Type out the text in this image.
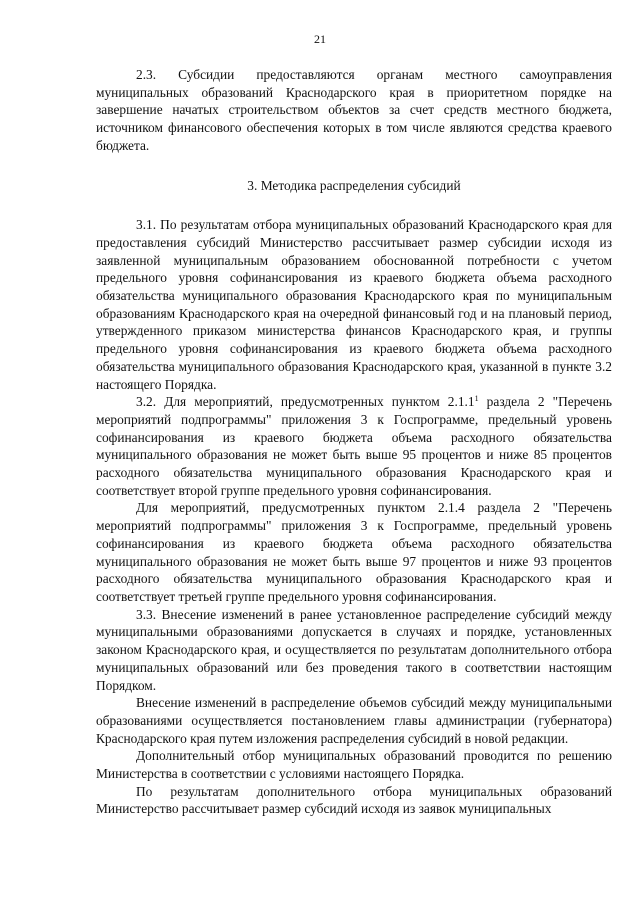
21

2.3. Субсидии предоставляются органам местного самоуправления муниципальных образований Краснодарского края в приоритетном порядке на завершение начатых строительством объектов за счет средств местного бюджета, источником финансового обеспечения которых в том числе являются средства краевого бюджета.

3. Методика распределения субсидий

3.1. По результатам отбора муниципальных образований Краснодарского края для предоставления субсидий Министерство рассчитывает размер субсидии исходя из заявленной муниципальным образованием обоснованной потребности с учетом предельного уровня софинансирования из краевого бюджета объема расходного обязательства муниципального образования Краснодарского края по муниципальным образованиям Краснодарского края на очередной финансовый год и на плановый период, утвержденного приказом министерства финансов Краснодарского края, и группы предельного уровня софинансирования из краевого бюджета объема расходного обязательства муниципального образования Краснодарского края, указанной в пункте 3.2 настоящего Порядка.

3.2. Для мероприятий, предусмотренных пунктом 2.1.1$^1$ раздела 2 "Перечень мероприятий подпрограммы" приложения 3 к Госпрограмме, предельный уровень софинансирования из краевого бюджета объема расходного обязательства муниципального образования не может быть выше 95 процентов и ниже 85 процентов расходного обязательства муниципального образования Краснодарского края и соответствует второй группе предельного уровня софинансирования.

Для мероприятий, предусмотренных пунктом 2.1.4 раздела 2 "Перечень мероприятий подпрограммы" приложения 3 к Госпрограмме, предельный уровень софинансирования из краевого бюджета объема расходного обязательства муниципального образования не может быть выше 97 процентов и ниже 93 процентов расходного обязательства муниципального образования Краснодарского края и соответствует третьей группе предельного уровня софинансирования.

3.3. Внесение изменений в ранее установленное распределение субсидий между муниципальными образованиями допускается в случаях и порядке, установленных законом Краснодарского края, и осуществляется по результатам дополнительного отбора муниципальных образований или без проведения такого в соответствии настоящим Порядком.

Внесение изменений в распределение объемов субсидий между муниципальными образованиями осуществляется постановлением главы администрации (губернатора) Краснодарского края путем изложения распределения субсидий в новой редакции.

Дополнительный отбор муниципальных образований проводится по решению Министерства в соответствии с условиями настоящего Порядка.

По результатам дополнительного отбора муниципальных образований Министерство рассчитывает размер субсидий исходя из заявок муниципальных
